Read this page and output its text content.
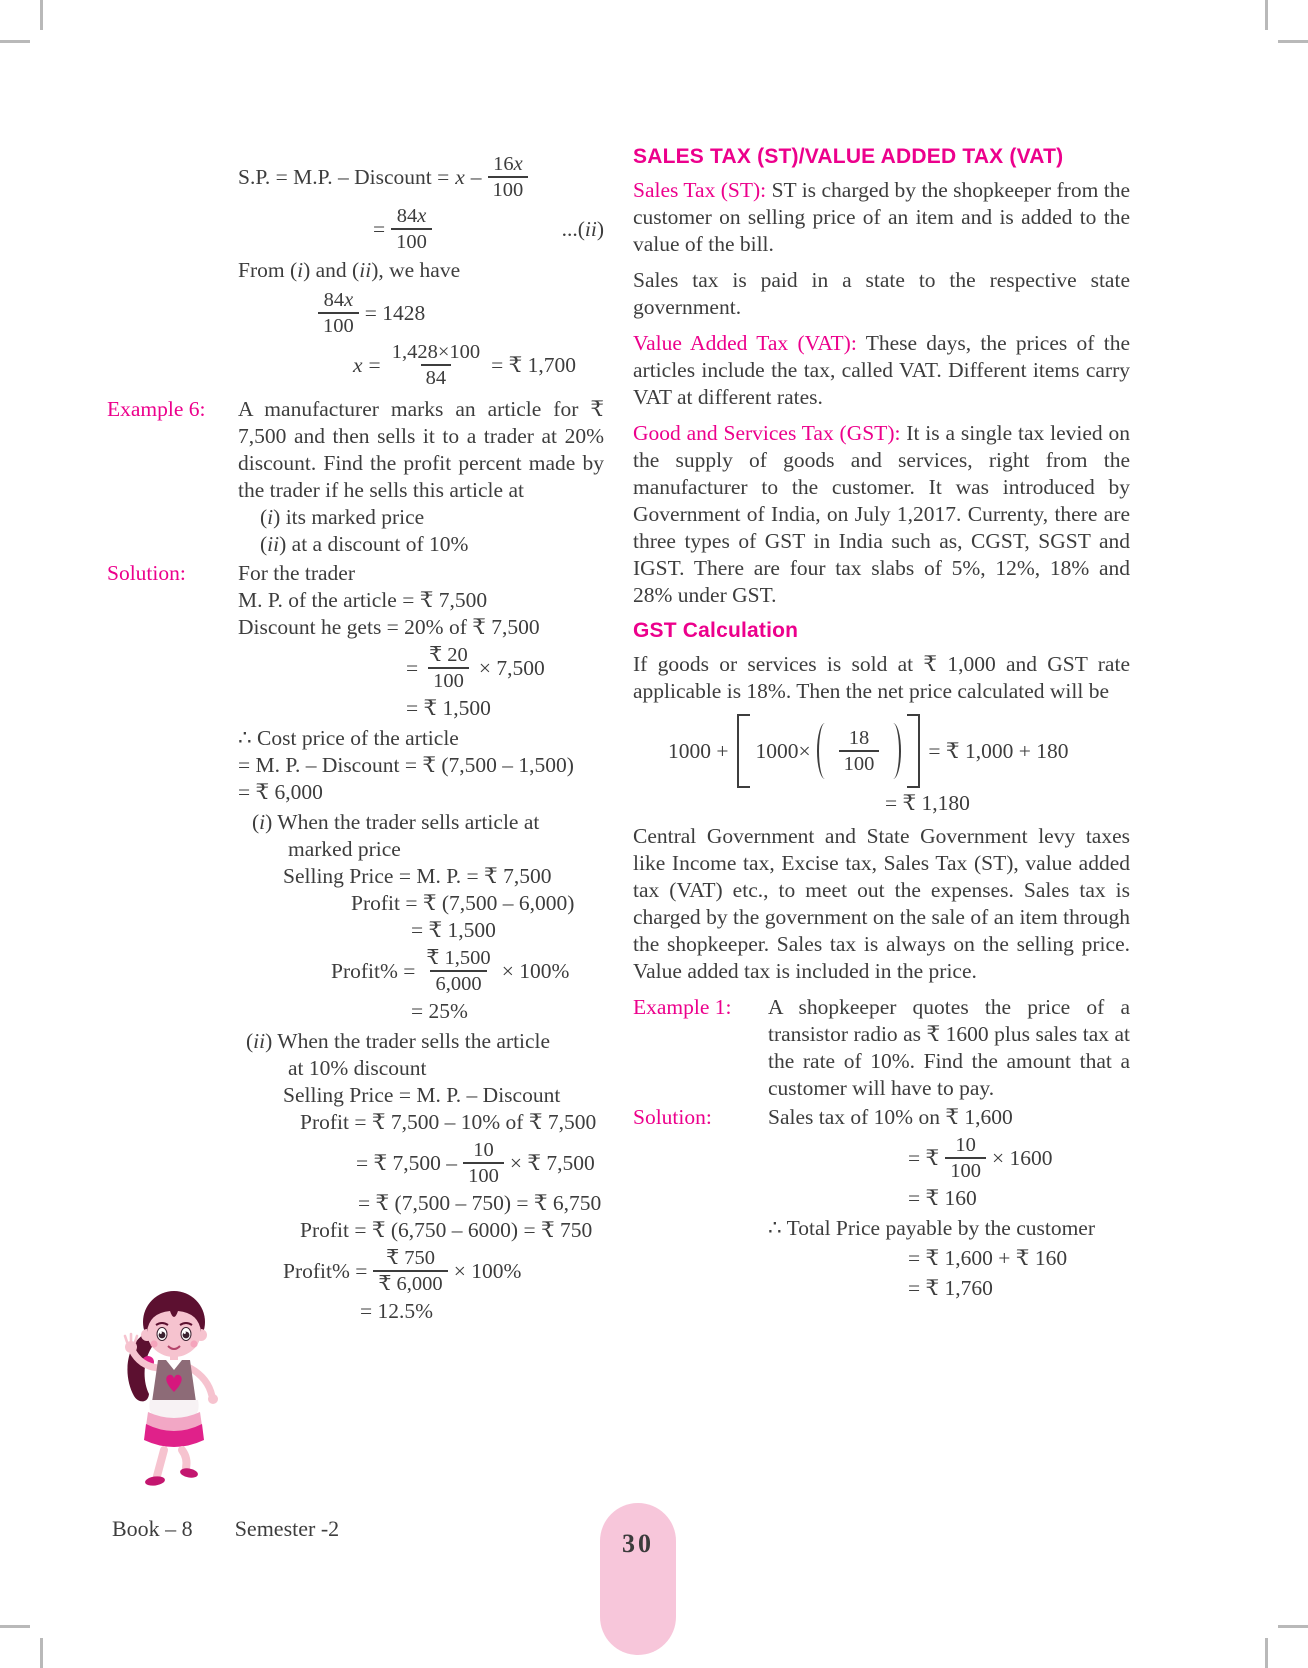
S.P. = M.P. – Discount = x – $\frac{16x}{100}$
= $\frac{84x}{100}$	...(ii)
From (i) and (ii), we have
$\frac{84x}{100} = 1428$
$x = \frac{1,428\times 100}{84}$ = ₹ 1,700
Example 6:	A manufacturer marks an article for ₹ 7,500 and then sells it to a trader at 20% discount. Find the profit percent made by the trader if he sells this article at
(i) its marked price
(ii) at a discount of 10%
Solution:	For the trader
M. P. of the article = ₹ 7,500
Discount he gets = 20% of ₹ 7,500
= $\frac{₹ 20}{100} \times 7,500$
= ₹ 1,500
∴ Cost price of the article
= M. P. – Discount = ₹ (7,500 – 1,500)
= ₹ 6,000
(i) When the trader sells article at
marked price
Selling Price = M. P. = ₹ 7,500
Profit = ₹ (7,500 – 6,000)
= ₹ 1,500
Profit% = $\frac{₹ 1,500}{6,000} \times 100\%$
= 25%
(ii) When the trader sells the article
at 10% discount
Selling Price = M. P. – Discount
Profit = ₹ 7,500 – 10% of ₹ 7,500
= ₹ $7,500 - \frac{10}{100}$ × ₹ 7,500
= ₹ (7,500 – 750) = ₹ 6,750
Profit = ₹ (6,750 – 6000) = ₹ 750
Profit% = $\frac{₹ 750}{₹ 6,000} \times 100\%$
= 12.5%
SALES TAX (ST)/VALUE ADDED TAX (VAT)

Sales Tax (ST): ST is charged by the shopkeeper from the customer on selling price of an item and is added to the value of the bill.

Sales tax is paid in a state to the respective state government.

Value Added Tax (VAT): These days, the prices of the articles include the tax, called VAT. Different items carry VAT at different rates.

Good and Services Tax (GST): It is a single tax levied on the supply of goods and services, right from the manufacturer to the customer. It was introduced by Government of India, on July 1,2017. Currenty, there are three types of GST in India such as, CGST, SGST and IGST. There are four tax slabs of 5%, 12%, 18% and 28% under GST.

GST Calculation

If goods or services is sold at ₹ 1,000 and GST rate applicable is 18%. Then the net price calculated will be

$1000 + 1000\times \frac{18}{100}$ = ₹ 1,000 + 180
= ₹ 1,180

Central Government and State Government levy taxes like Income tax, Excise tax, Sales Tax (ST), value added tax (VAT) etc., to meet out the expenses. Sales tax is charged by the government on the sale of an item through the shopkeeper. Sales tax is always on the selling price. Value added tax is included in the price.

Example 1:	A shopkeeper quotes the price of a transistor radio as ₹ 1600 plus sales tax at the rate of 10%. Find the amount that a customer will have to pay.
Solution:	Sales tax of 10% on ₹ 1,600
= ₹ $\frac{10}{100} \times 1600$
= ₹ 160
∴ Total Price payable by the customer
= ₹ 1,600 + ₹ 160
= ₹ 1,760
Book – 8 Semester -2
30
